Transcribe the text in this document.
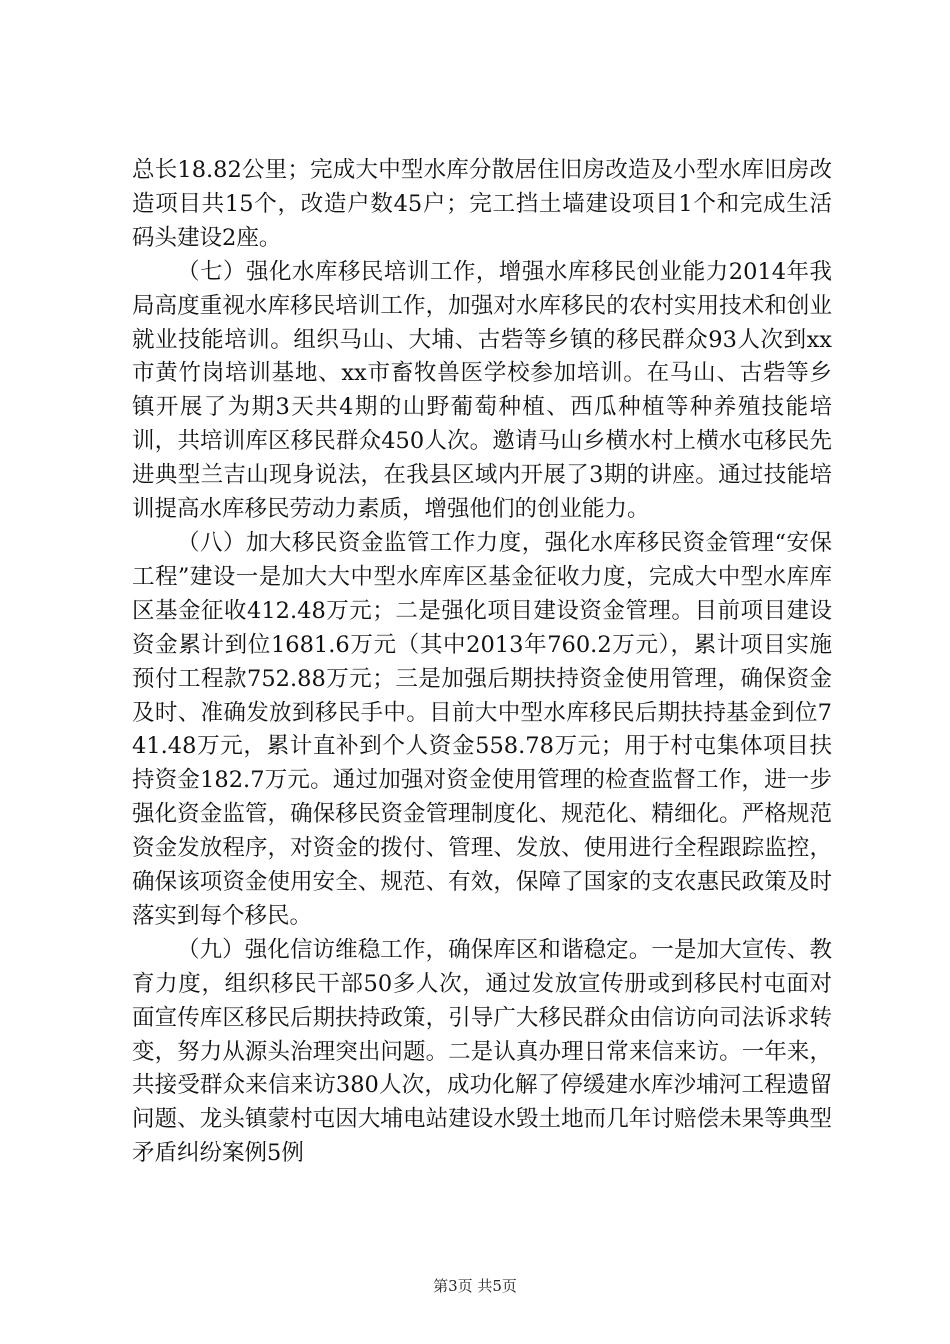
总长18.82公里；完成大中型水库分散居住旧房改造及小型水库旧房改造项目共15个，改造户数45户；完工挡土墙建设项目1个和完成生活码头建设2座。

（七）强化水库移民培训工作，增强水库移民创业能力2014年我局高度重视水库移民培训工作，加强对水库移民的农村实用技术和创业就业技能培训。组织马山、大埔、古砦等乡镇的移民群众93人次到xx市黄竹岗培训基地、xx市畜牧兽医学校参加培训。在马山、古砦等乡镇开展了为期3天共4期的山野葡萄种植、西瓜种植等种养殖技能培训，共培训库区移民群众450人次。邀请马山乡横水村上横水屯移民先进典型兰吉山现身说法，在我县区域内开展了3期的讲座。通过技能培训提高水库移民劳动力素质，增强他们的创业能力。

（八）加大移民资金监管工作力度，强化水库移民资金管理“安保工程”建设一是加大大中型水库库区基金征收力度，完成大中型水库库区基金征收412.48万元；二是强化项目建设资金管理。目前项目建设资金累计到位1681.6万元（其中2013年760.2万元），累计项目实施预付工程款752.88万元；三是加强后期扶持资金使用管理，确保资金及时、准确发放到移民手中。目前大中型水库移民后期扶持基金到位741.48万元，累计直补到个人资金558.78万元；用于村屯集体项目扶持资金182.7万元。通过加强对资金使用管理的检查监督工作，进一步强化资金监管，确保移民资金管理制度化、规范化、精细化。严格规范资金发放程序，对资金的拨付、管理、发放、使用进行全程跟踪监控，确保该项资金使用安全、规范、有效，保障了国家的支农惠民政策及时落实到每个移民。

（九）强化信访维稳工作，确保库区和谐稳定。一是加大宣传、教育力度，组织移民干部50多人次，通过发放宣传册或到移民村屯面对面宣传库区移民后期扶持政策，引导广大移民群众由信访向司法诉求转变，努力从源头治理突出问题。二是认真办理日常来信来访。一年来，共接受群众来信来访380人次，成功化解了停缓建水库沙埔河工程遗留问题、龙头镇蒙村屯因大埔电站建设水毁土地而几年讨赔偿未果等典型矛盾纠纷案例5例

第3页 共5页
